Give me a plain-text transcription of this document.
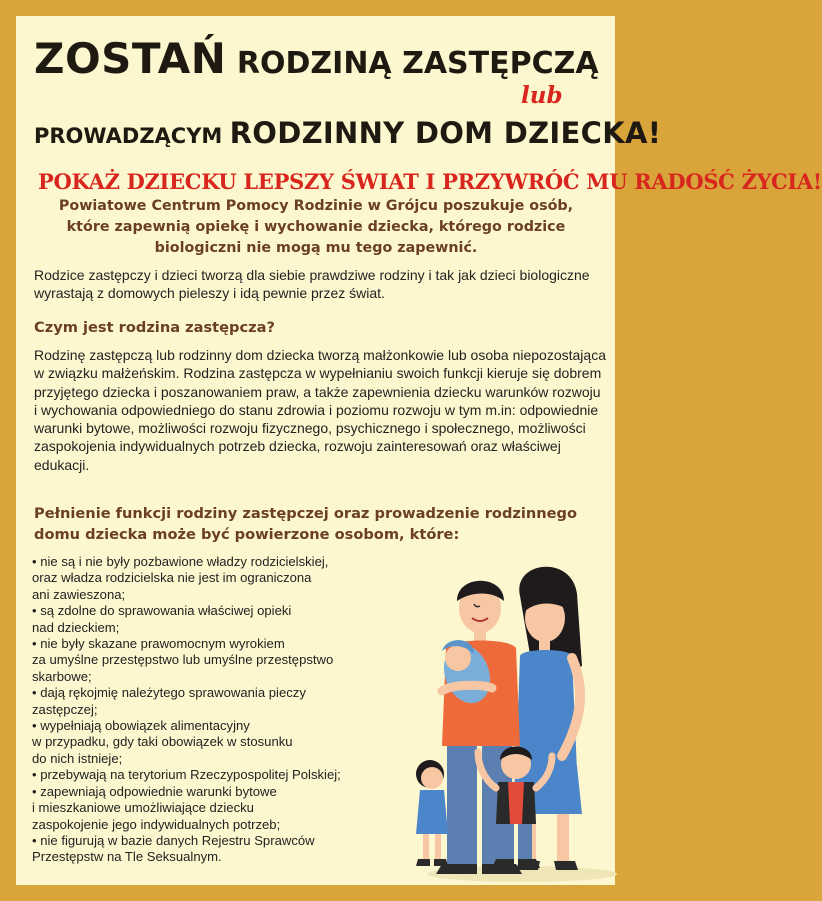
ZOSTAŃ RODZINĄ ZASTĘPCZĄ
lub
PROWADZĄCYM RODZINNY DOM DZIECKA!
POKAŻ DZIECKU LEPSZY ŚWIAT I PRZYWRÓĆ MU RADOŚĆ ŻYCIA!
Powiatowe Centrum Pomocy Rodzinie w Grójcu poszukuje osób, które zapewnią opiekę i wychowanie dziecka, którego rodzice biologiczni nie mogą mu tego zapewnić.
Rodzice zastępczy i dzieci tworzą dla siebie prawdziwe rodziny i tak jak dzieci biologiczne wyrastają z domowych pieleszy i idą pewnie przez świat.
Czym jest rodzina zastępcza?
Rodzinę zastępczą lub rodzinny dom dziecka tworzą małżonkowie lub osoba niepozostająca w związku małżeńskim. Rodzina zastępcza w wypełnianiu swoich funkcji kieruje się dobrem przyjętego dziecka i poszanowaniem praw, a także zapewnienia dziecku warunków rozwoju i wychowania odpowiedniego do stanu zdrowia i poziomu rozwoju w tym m.in: odpowiednie warunki bytowe, możliwości rozwoju fizycznego, psychicznego i społecznego, możliwości zaspokojenia indywidualnych potrzeb dziecka, rozwoju zainteresowań oraz właściwej edukacji.
Pełnienie funkcji rodziny zastępczej oraz prowadzenie rodzinnego domu dziecka może być powierzone osobom, które:

• nie są i nie były pozbawione władzy rodzicielskiej,

oraz władza rodzicielska nie jest im ograniczona

ani zawieszona;

• są zdolne do sprawowania właściwej opieki

nad dzieckiem;

• nie były skazane prawomocnym wyrokiem

za umyślne przestępstwo lub umyślne przestępstwo

skarbowe;

• dają rękojmię należytego sprawowania pieczy

zastępczej;

• wypełniają obowiązek alimentacyjny

w przypadku, gdy taki obowiązek w stosunku

do nich istnieje;

• przebywają na terytorium Rzeczypospolitej Polskiej;

• zapewniają odpowiednie warunki bytowe

i mieszkaniowe umożliwiające dziecku

zaspokojenie jego indywidualnych potrzeb;

• nie figurują w bazie danych Rejestru Sprawców

Przestępstw na Tle Seksualnym.
